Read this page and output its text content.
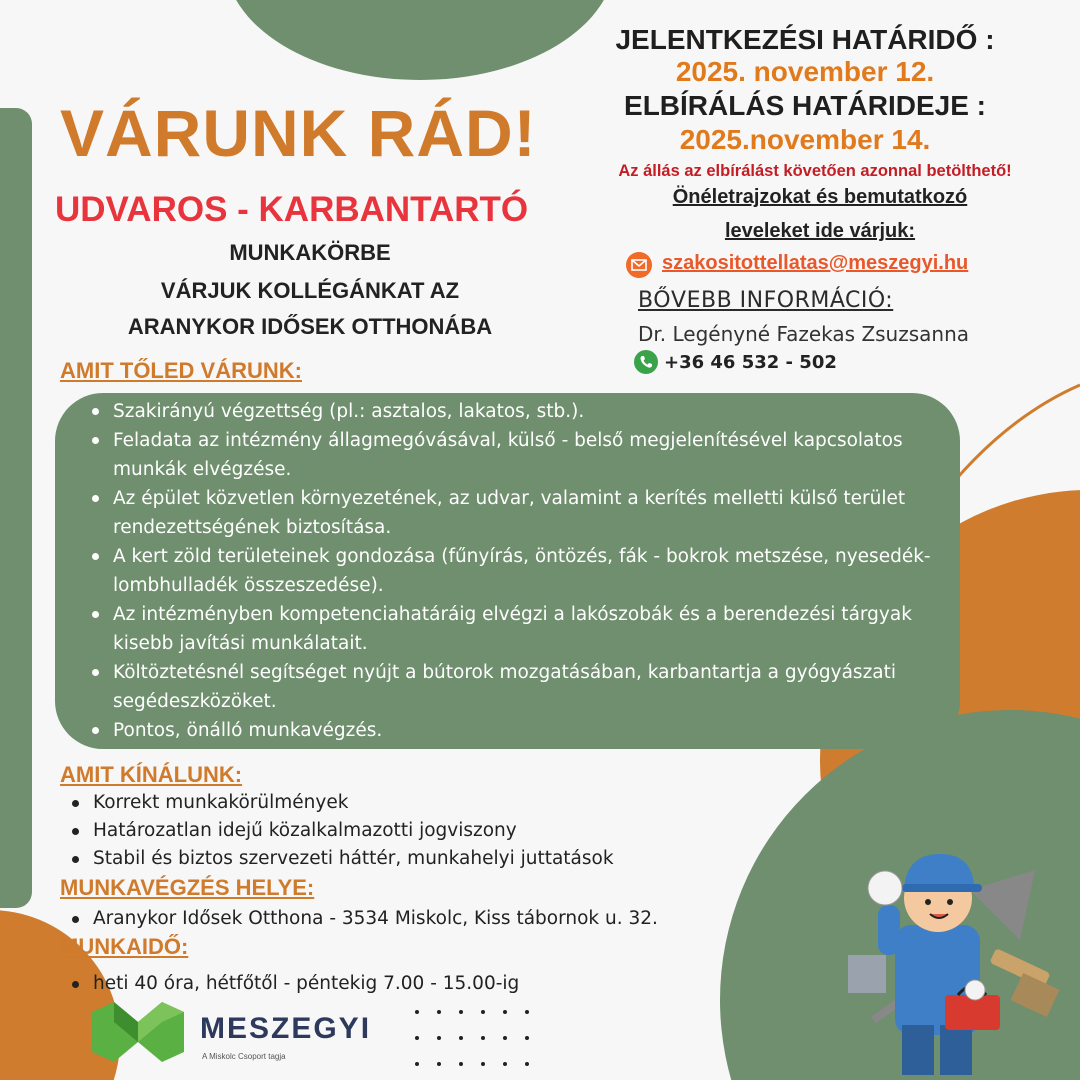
VÁRUNK RÁD!
UDVAROS - KARBANTARTÓ
MUNKAKÖRBE
VÁRJUK KOLLÉGÁNKAT AZ
ARANYKOR IDŐSEK OTTHONÁBA
JELENTKEZÉSI HATÁRIDŐ :
2025. november 12.
ELBÍRÁLÁS HATÁRIDEJE :
2025.november 14.
Az állás az elbírálást követően azonnal betölthető!
Önéletrajzokat és bemutatkozó
leveleket ide várjuk:
szakositottellatas@meszegyi.hu
BŐVEBB INFORMÁCIÓ:
Dr. Legényné Fazekas Zsuzsanna
+36 46 532 - 502
AMIT TŐLED VÁRUNK:
Szakirányú végzettség (pl.: asztalos, lakatos, stb.).
Feladata az intézmény állagmegóvásával, külső - belső megjelenítésével kapcsolatos munkák elvégzése.
Az épület közvetlen környezetének, az udvar, valamint a kerítés melletti külső terület rendezettségének biztosítása.
A kert zöld területeinek gondozása (fűnyírás, öntözés, fák - bokrok metszése, nyesedék-lombhulladék összeszedése).
Az intézményben kompetenciahatáráig elvégzi a lakószobák és a berendezési tárgyak kisebb javítási munkálatait.
Költöztetésnél segítséget nyújt a bútorok mozgatásában, karbantartja a gyógyászati segédeszközöket.
Pontos, önálló munkavégzés.
AMIT KÍNÁLUNK:
Korrekt munkakörülmények
Határozatlan idejű közalkalmazotti jogviszony
Stabil és biztos szervezeti háttér, munkahelyi juttatások
MUNKAVÉGZÉS HELYE:
Aranykor Idősek Otthona - 3534 Miskolc, Kiss tábornok u. 32.
MUNKAIDŐ:
heti 40 óra, hétfőtől - péntekig 7.00 - 15.00-ig
MESZEGYI
A Miskolc Csoport tagja
